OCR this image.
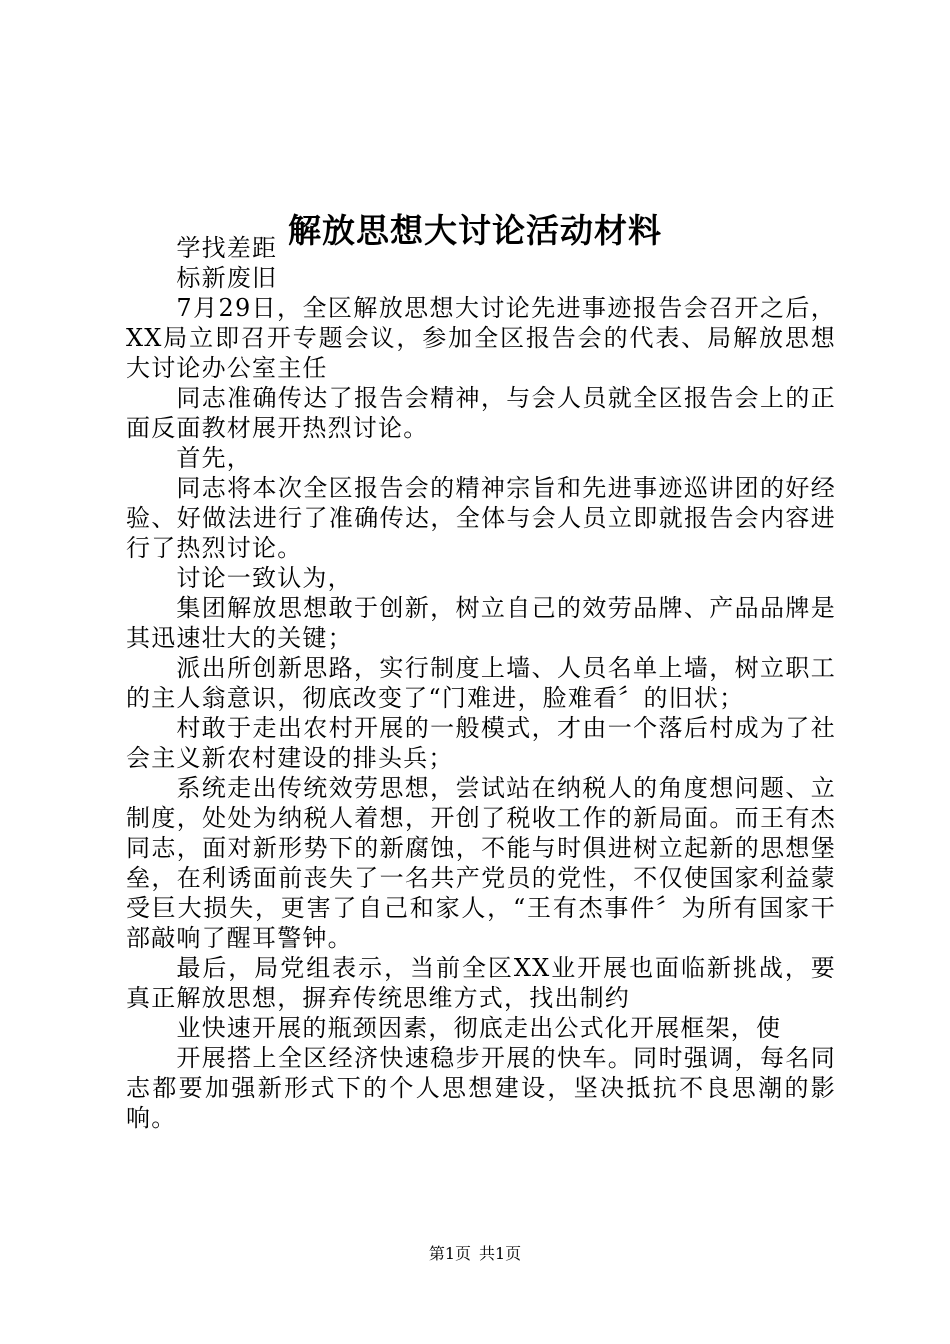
解放思想大讨论活动材料

学找差距

标新废旧

7月29日，全区解放思想大讨论先进事迹报告会召开之后，XX局立即召开专题会议，参加全区报告会的代表、局解放思想大讨论办公室主任

同志准确传达了报告会精神，与会人员就全区报告会上的正面反面教材展开热烈讨论。

首先，

同志将本次全区报告会的精神宗旨和先进事迹巡讲团的好经验、好做法进行了准确传达，全体与会人员立即就报告会内容进行了热烈讨论。

讨论一致认为，

集团解放思想敢于创新，树立自己的效劳品牌、产品品牌是其迅速壮大的关键；

派出所创新思路，实行制度上墙、人员名单上墙，树立职工的主人翁意识，彻底改变了“门难进，脸难看〞的旧状；

村敢于走出农村开展的一般模式，才由一个落后村成为了社会主义新农村建设的排头兵；

系统走出传统效劳思想，尝试站在纳税人的角度想问题、立制度，处处为纳税人着想，开创了税收工作的新局面。而王有杰同志，面对新形势下的新腐蚀，不能与时俱进树立起新的思想堡垒，在利诱面前丧失了一名共产党员的党性，不仅使国家利益蒙受巨大损失，更害了自己和家人，“王有杰事件〞为所有国家干部敲响了醒耳警钟。

最后，局党组表示，当前全区XX业开展也面临新挑战，要真正解放思想，摒弃传统思维方式，找出制约

业快速开展的瓶颈因素，彻底走出公式化开展框架，使

开展搭上全区经济快速稳步开展的快车。同时强调，每名同志都要加强新形式下的个人思想建设，坚决抵抗不良思潮的影响。

第1页 共1页
